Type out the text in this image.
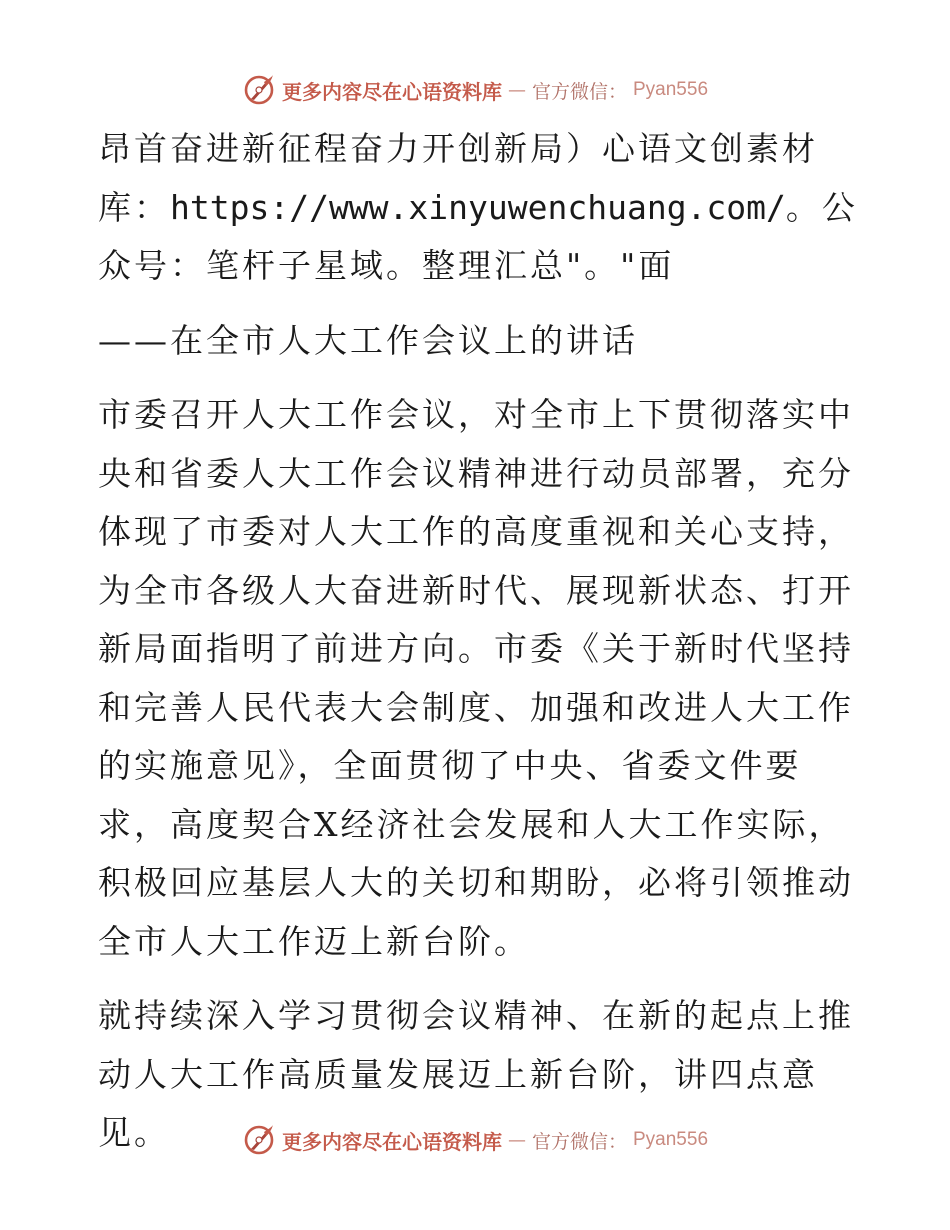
更多内容尽在心语资料库 — 官方微信： Pyan556

昂首奋进新征程奋力开创新局）心语文创素材库：https://www.xinyuwenchuang.com/。公众号：笔杆子星域。整理汇总"。"面

——在全市人大工作会议上的讲话

市委召开人大工作会议，对全市上下贯彻落实中央和省委人大工作会议精神进行动员部署，充分体现了市委对人大工作的高度重视和关心支持，为全市各级人大奋进新时代、展现新状态、打开新局面指明了前进方向。市委《关于新时代坚持和完善人民代表大会制度、加强和改进人大工作的实施意见》，全面贯彻了中央、省委文件要求，高度契合X经济社会发展和人大工作实际，积极回应基层人大的关切和期盼，必将引领推动全市人大工作迈上新台阶。

就持续深入学习贯彻会议精神、在新的起点上推动人大工作高质量发展迈上新台阶，讲四点意见。	更多内容尽在心语资料库 — 官方微信： Pyan556
